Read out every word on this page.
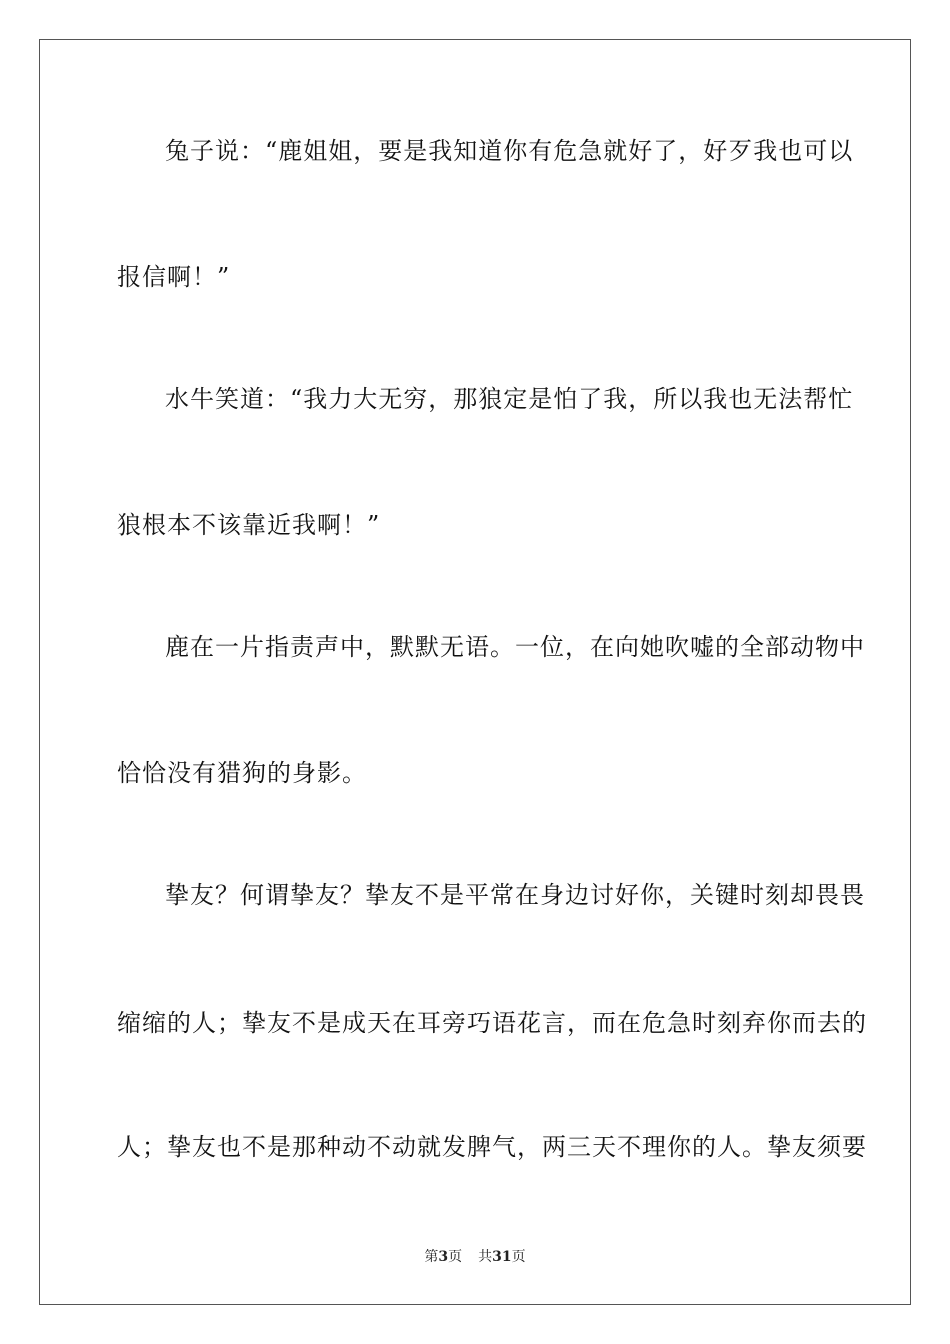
兔子说：“鹿姐姐，要是我知道你有危急就好了，好歹我也可以
报信啊！”
水牛笑道：“我力大无穷，那狼定是怕了我，所以我也无法帮忙
狼根本不该靠近我啊！”
鹿在一片指责声中，默默无语。一位，在向她吹嘘的全部动物中
恰恰没有猎狗的身影。
挚友？何谓挚友？挚友不是平常在身边讨好你，关键时刻却畏畏
缩缩的人；挚友不是成天在耳旁巧语花言，而在危急时刻弃你而去的
人；挚友也不是那种动不动就发脾气，两三天不理你的人。挚友须要
第3页 共31页
